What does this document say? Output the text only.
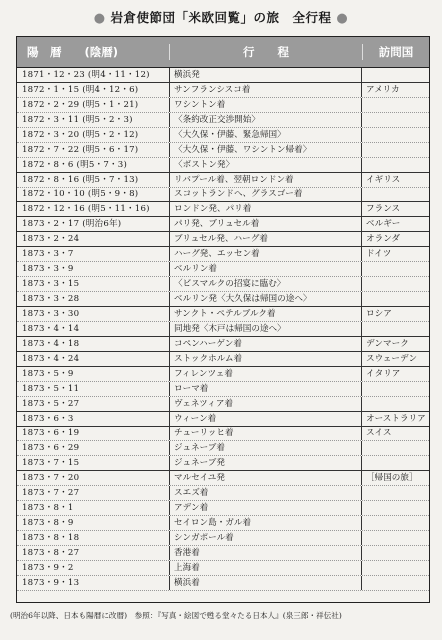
● 岩倉使節団「米欧回覧」の旅　全行程 ●
陽　暦　　(陰暦)	行　　程	訪問国
1871・12・23 (明4・11・12)	横浜発
1872・1・15 (明4・12・6)	サンフランシスコ着	アメリカ
1872・2・29 (明5・1・21)	ワシントン着
1872・3・11 (明5・2・3)	〈条約改正交渉開始〉
1872・3・20 (明5・2・12)	〈大久保・伊藤、緊急帰国〉
1872・7・22 (明5・6・17)	〈大久保・伊藤、ワシントン帰着〉
1872・8・6 (明5・7・3)	〈ボストン発〉
1872・8・16 (明5・7・13)	リバプール着、翌朝ロンドン着	イギリス
1872・10・10 (明5・9・8)	スコットランドへ、グラスゴー着
1872・12・16 (明5・11・16)	ロンドン発、パリ着	フランス
1873・2・17 (明治6年)	パリ発、ブリュセル着	ベルギー
1873・2・24	ブリュセル発、ハーグ着	オランダ
1873・3・7	ハーグ発、エッセン着	ドイツ
1873・3・9	ベルリン着
1873・3・15	〈ビスマルクの招宴に臨む〉
1873・3・28	ベルリン発〈大久保は帰国の途へ〉
1873・3・30	サンクト・ペテルブルク着	ロシア
1873・4・14	同地発〈木戸は帰国の途へ〉
1873・4・18	コペンハーゲン着	デンマーク
1873・4・24	ストックホルム着	スウェーデン
1873・5・9	フィレンツェ着	イタリア
1873・5・11	ローマ着
1873・5・27	ヴェネツィア着
1873・6・3	ウィーン着	オーストラリア
1873・6・19	チューリッヒ着	スイス
1873・6・29	ジュネーブ着
1873・7・15	ジュネーブ発
1873・7・20	マルセイユ発	［帰国の旅］
1873・7・27	スエズ着
1873・8・1	アデン着
1873・8・9	セイロン島・ガル着
1873・8・18	シンガポール着
1873・8・27	香港着
1873・9・2	上海着
1873・9・13	横浜着
(明治6年以降、日本も陽暦に改暦)　参照：『写真・絵図で甦る堂々たる日本人』(泉三郎・祥伝社)
